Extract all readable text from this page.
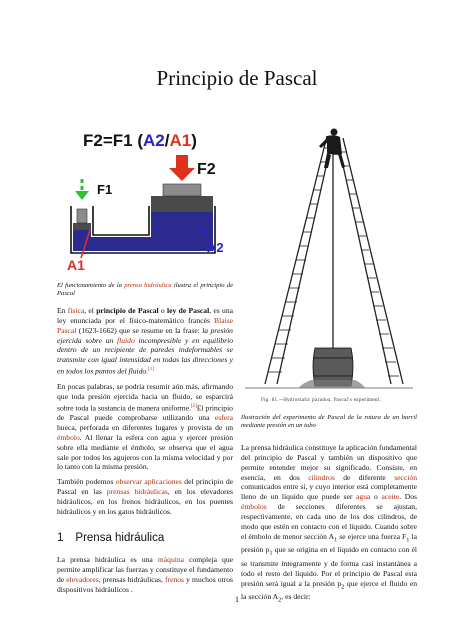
Principio de Pascal
F2=F1 (A2/A1)
F1
F2
A1
A2

El funcionamiento de la prensa hidráulica ilustra el principio de Pascal

En física, el principio de Pascal o ley de Pascal, es una ley enunciada por el físico-matemático francés Blaise Pascal (1623-1662) que se resume en la frase: la presión ejercida sobre un fluido incompresible y en equilibrio dentro de un recipiente de paredes indeformables se transmite con igual intensidad en todas las direcciones y en todos los puntos del fluido.[1]

En pocas palabras, se podría resumir aún más, afirmando que toda presión ejercida hacia un fluido, se esparcirá sobre toda la sustancia de manera uniforme.[2]El principio de Pascal puede comprobarse utilizando una esfera hueca, perforada en diferentes lugares y provista de un émbolo. Al llenar la esfera con agua y ejercer presión sobre ella mediante el émbolo, se observa que el agua sale por todos los agujeros con la misma velocidad y por lo tanto con la misma presión.

También podemos observar aplicaciones del principio de Pascal en las prensas hidráulicas, en los elevadores hidráulicos, en los frenos hidráulicos, en los puentes hidráulicos y en los gatos hidráulicos.

1 Prensa hidráulica

La prensa hidráulica es una máquina compleja que permite amplificar las fuerzas y constituye el fundamento de elevadores, prensas hidráulicas, frenos y muchos otros dispositivos hidráulicos .

Fig. 61.—Hydrostatic paradox. Pascal's experiment.

Ilustración del experimento de Pascal de la rotura de un barril mediante presión en un tubo

La prensa hidráulica constituye la aplicación fundamental del principio de Pascal y también un dispositivo que permite entender mejor su significado. Consiste, en esencia, en dos cilindros de diferente sección comunicados entre sí, y cuyo interior está completamente lleno de un líquido que puede ser agua o aceite. Dos émbolos de secciones diferentes se ajustan, respectivamente, en cada uno de los dos cilindros, de modo que estén en contacto con el líquido. Cuando sobre el émbolo de menor sección $A_1$ se ejerce una fuerza $F_1$ la presión $p_1$ que se origina en el líquido en contacto con él se transmite íntegramente y de forma casi instantánea a todo el resto del líquido. Por el principio de Pascal esta presión será igual a la presión $p_2$ que ejerce el fluido en la sección $A_2$, es decir:

1
